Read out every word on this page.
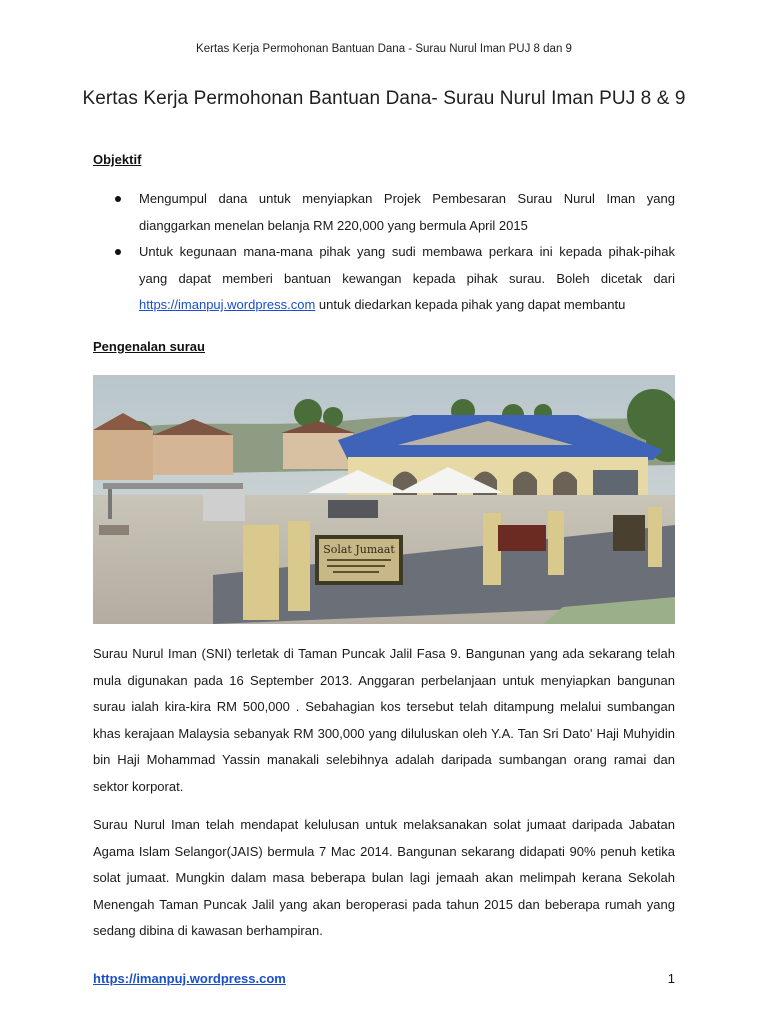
Kertas Kerja Permohonan Bantuan Dana - Surau Nurul Iman PUJ 8 dan 9
Kertas Kerja Permohonan Bantuan Dana- Surau Nurul Iman PUJ 8 & 9
Objektif
Mengumpul dana untuk menyiapkan Projek Pembesaran Surau Nurul Iman yang dianggarkan menelan belanja RM 220,000 yang bermula April 2015
Untuk kegunaan mana-mana pihak yang sudi membawa perkara ini kepada pihak-pihak yang dapat memberi bantuan kewangan kepada pihak surau. Boleh dicetak dari https://imanpuj.wordpress.com untuk diedarkan kepada pihak yang dapat membantu
Pengenalan surau
Solat Jumaat

Surau Nurul Iman (SNI) terletak di Taman Puncak Jalil Fasa 9. Bangunan yang ada sekarang telah mula digunakan pada 16 September 2013. Anggaran perbelanjaan untuk menyiapkan bangunan surau ialah kira-kira RM 500,000 . Sebahagian kos tersebut telah ditampung melalui sumbangan khas kerajaan Malaysia sebanyak RM 300,000 yang diluluskan oleh Y.A. Tan Sri Dato' Haji Muhyidin bin Haji Mohammad Yassin manakali selebihnya adalah daripada sumbangan orang ramai dan sektor korporat.

Surau Nurul Iman telah mendapat kelulusan untuk melaksanakan solat jumaat daripada Jabatan Agama Islam Selangor(JAIS) bermula 7 Mac 2014. Bangunan sekarang didapati 90% penuh ketika solat jumaat. Mungkin dalam masa beberapa bulan lagi jemaah akan melimpah kerana Sekolah Menengah Taman Puncak Jalil yang akan beroperasi pada tahun 2015 dan beberapa rumah yang sedang dibina di kawasan berhampiran.

https://imanpuj.wordpress.com	1
